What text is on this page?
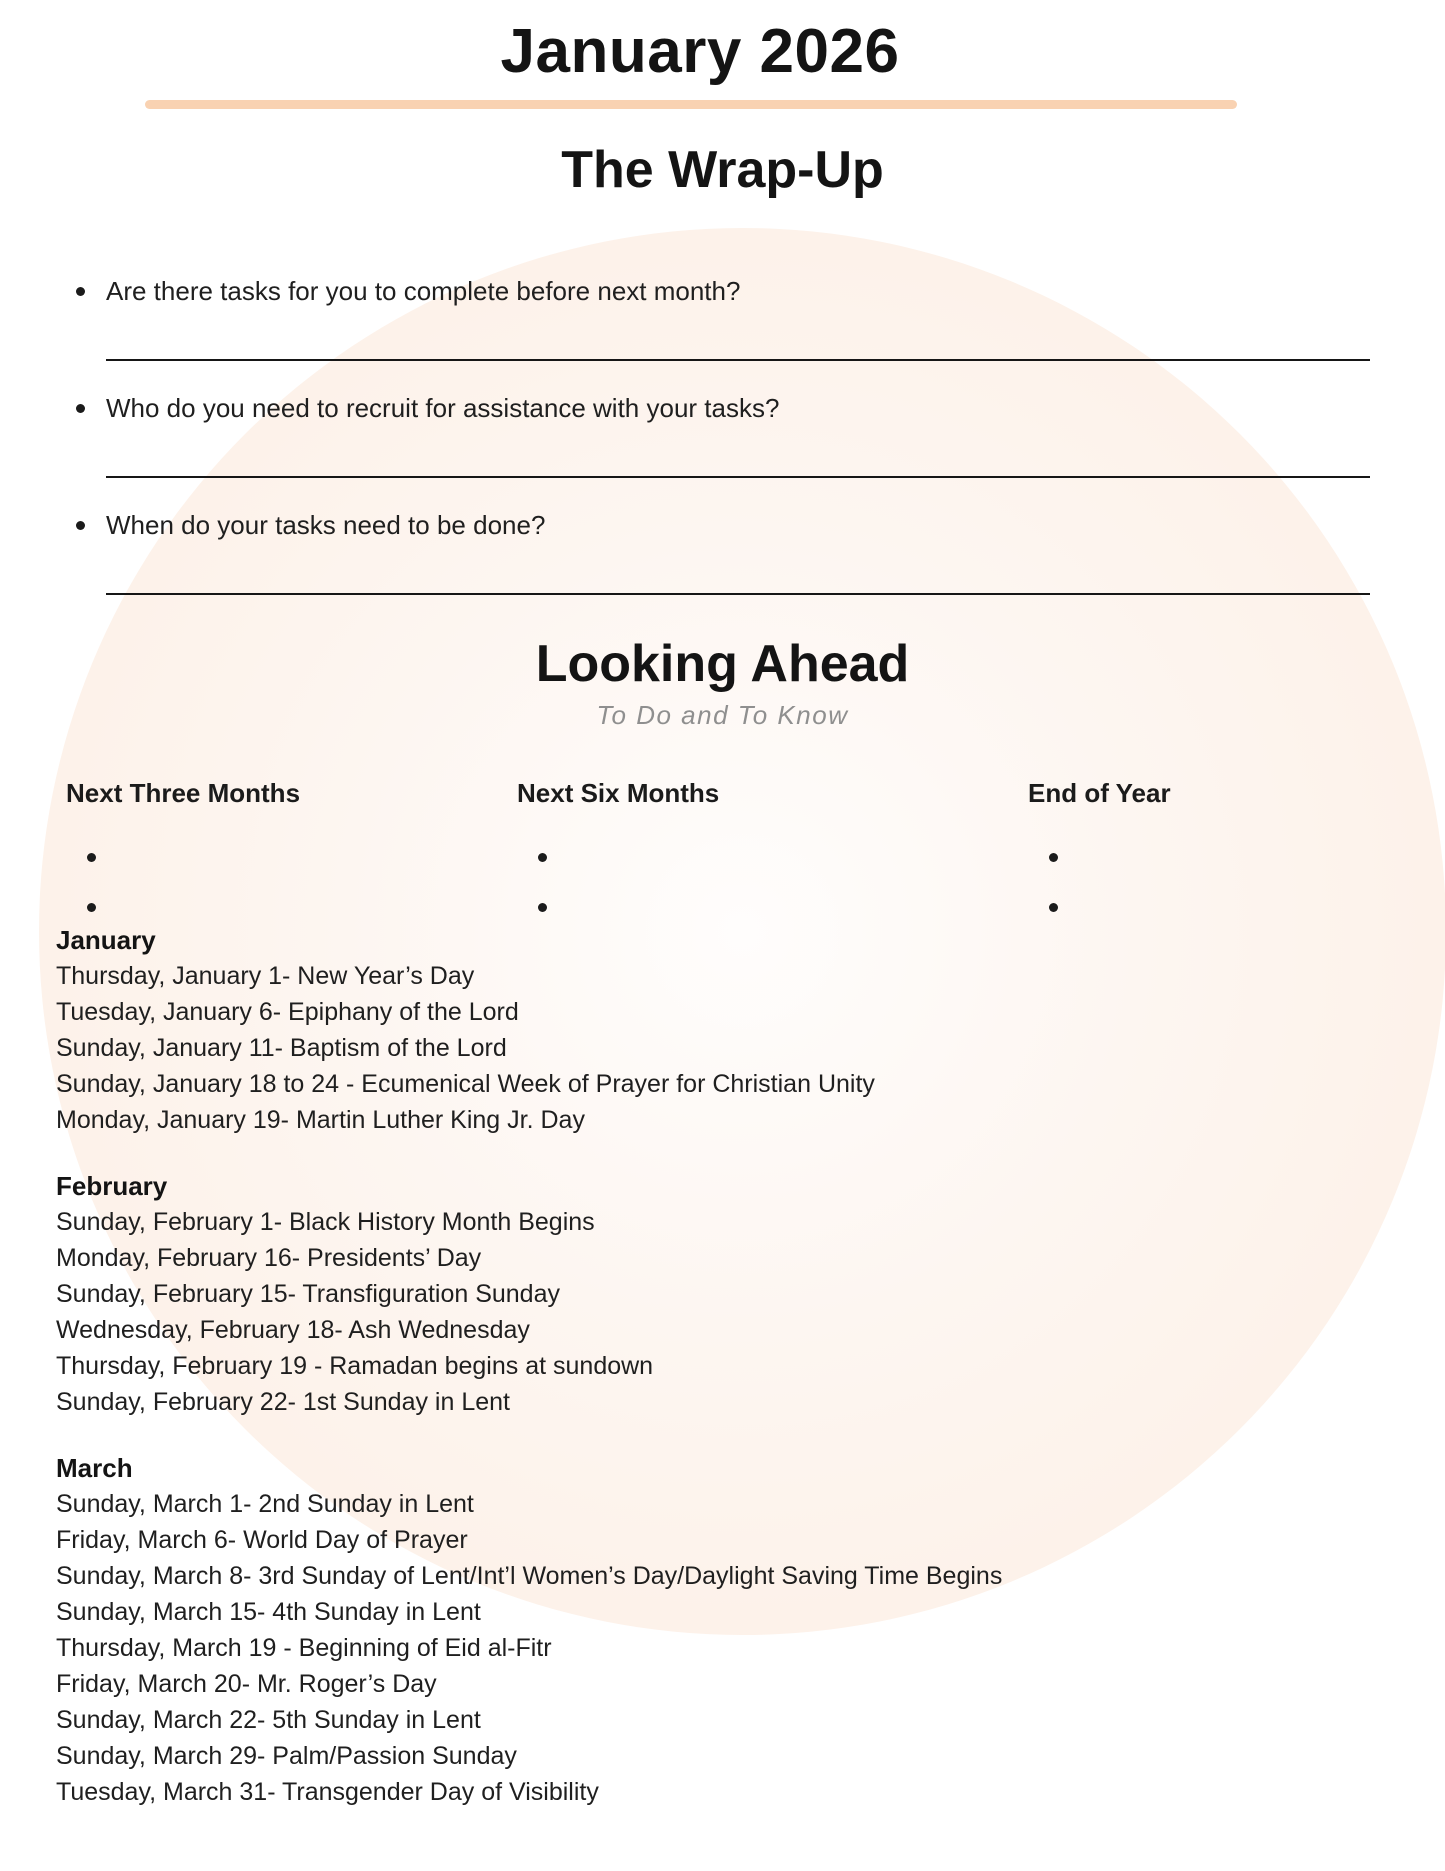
January 2026
The Wrap-Up
Are there tasks for you to complete before next month?
Who do you need to recruit for assistance with your tasks?
When do your tasks need to be done?
Looking Ahead
To Do and To Know
Next Three Months	Next Six Months	End of Year
January
Thursday, January 1- New Year’s Day
Tuesday, January 6- Epiphany of the Lord
Sunday, January 11- Baptism of the Lord
Sunday, January 18 to 24 - Ecumenical Week of Prayer for Christian Unity
Monday, January 19- Martin Luther King Jr. Day
February
Sunday, February 1- Black History Month Begins
Monday, February 16- Presidents’ Day
Sunday, February 15- Transfiguration Sunday
Wednesday, February 18- Ash Wednesday
Thursday, February 19 - Ramadan begins at sundown
Sunday, February 22- 1st Sunday in Lent
March
Sunday, March 1- 2nd Sunday in Lent
Friday, March 6- World Day of Prayer
Sunday, March 8- 3rd Sunday of Lent/Int’l Women’s Day/Daylight Saving Time Begins
Sunday, March 15- 4th Sunday in Lent
Thursday, March 19 - Beginning of Eid al-Fitr
Friday, March 20- Mr. Roger’s Day
Sunday, March 22- 5th Sunday in Lent
Sunday, March 29- Palm/Passion Sunday
Tuesday, March 31- Transgender Day of Visibility
